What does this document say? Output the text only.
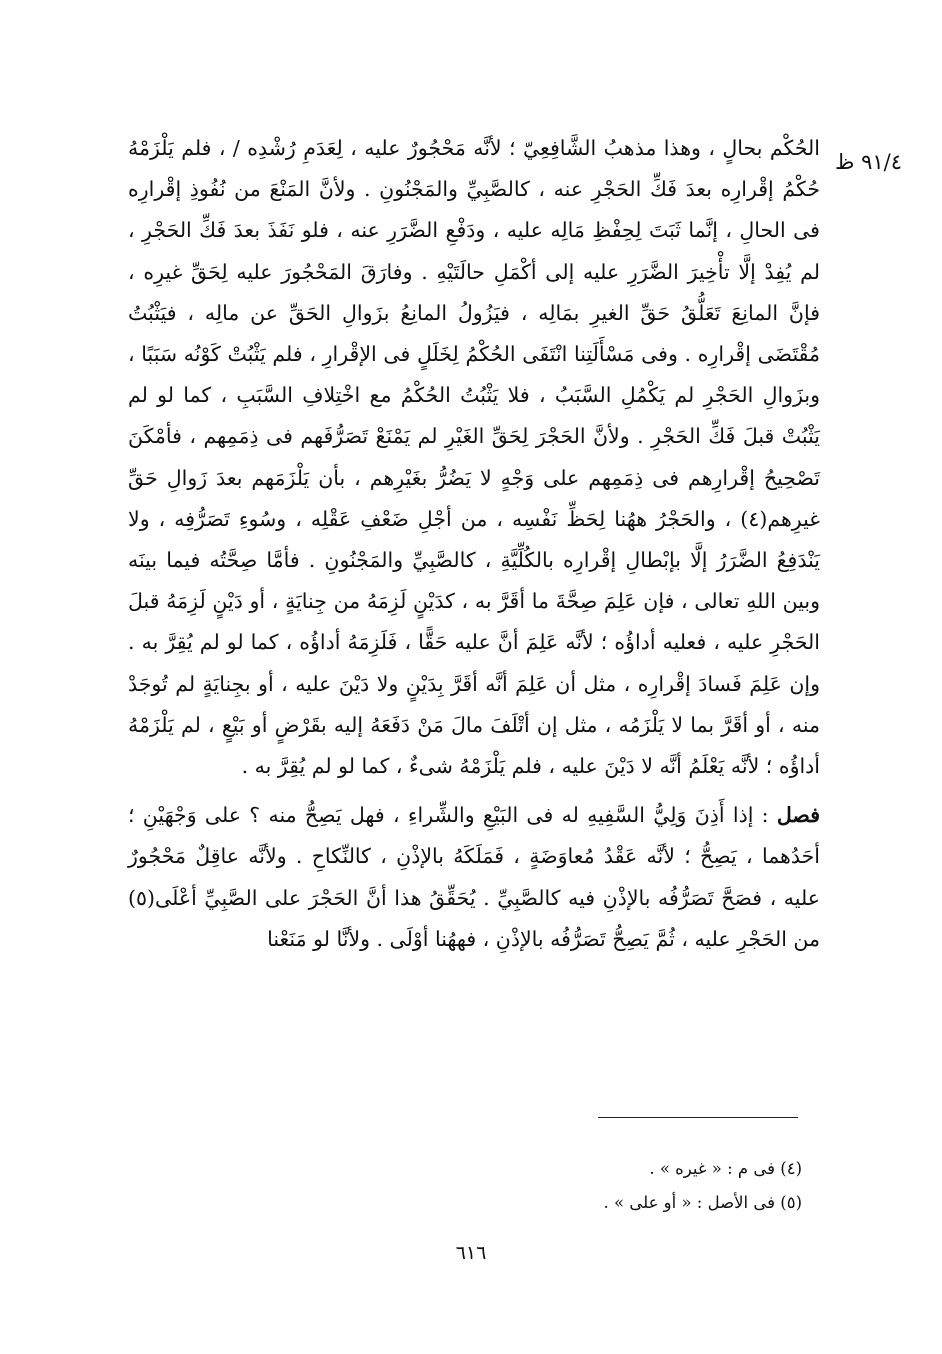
٩١/٤ ظ

الحُكْم بحالٍ ، وهذا مذهبُ الشَّافِعِيّ ؛ لأنَّه مَحْجُورٌ عليه ، لِعَدَمِ رُشْدِه / ، فلم يَلْزَمْهُ حُكْمُ إقْرارِه بعدَ فَكِّ الحَجْرِ عنه ، كالصَّبِيِّ والمَجْنُونِ . ولأنَّ المَنْعَ من نُفُوذِ إقْرارِه فى الحالِ ، إنَّما ثَبَتَ لِحِفْظِ مَالِه عليه ، ودَفْعِ الضَّرَرِ عنه ، فلو نَفَذَ بعدَ فَكِّ الحَجْرِ ، لم يُفِدْ إلَّا تأْخِيرَ الضَّرَرِ عليه إلى أكْمَلِ حالَتَيْهِ . وفارَقَ المَحْجُورَ عليه لِحَقِّ غيرِه ، فإنَّ المانِعَ تَعَلُّقُ حَقِّ الغيرِ بمَالِه ، فيَزُولُ المانِعُ بزَوالِ الحَقِّ عن مالِه ، فيَثْبُتُ مُقْتَضَى إقْرارِه . وفى مَسْأَلَتِنا انْتَفَى الحُكْمُ لِخَلَلٍ فى الإقْرارِ ، فلم يَثْبُتْ كَوْنُه سَبَبًا ، وبزَوالِ الحَجْرِ لم يَكْمُلِ السَّبَبُ ، فلا يَثْبُتُ الحُكْمُ مع اخْتِلافِ السَّبَبِ ، كما لو لم يَثْبُتْ قبلَ فَكِّ الحَجْرِ . ولأنَّ الحَجْرَ لِحَقِّ الغَيْرِ لم يَمْنَعْ تَصَرُّفَهم فى ذِمَمِهم ، فأمْكَنَ تَصْحِيحُ إقْرارِهم فى ذِمَمِهم على وَجْهٍ لا يَضُرُّ بغَيْرِهم ، بأن يَلْزَمَهم بعدَ زَوالِ حَقِّ غيرِهم(٤) ، والحَجْرُ ههُنا لِحَظِّ نَفْسِه ، من أجْلِ ضَعْفِ عَقْلِه ، وسُوءِ تَصَرُّفِه ، ولا يَنْدَفِعُ الضَّرَرُ إلَّا بإبْطالِ إقْرارِه بالكُلِّيَّةِ ، كالصَّبِيِّ والمَجْنُونِ . فأمَّا صِحَّتُه فيما بينَه وبين اللهِ تعالى ، فإن عَلِمَ صِحَّةَ ما أقَرَّ به ، كدَيْنٍ لَزِمَهُ من جِنايَةٍ ، أو دَيْنٍ لَزِمَهُ قبلَ الحَجْرِ عليه ، فعليه أداؤُه ؛ لأنَّه عَلِمَ أنَّ عليه حَقًّا ، فَلَزِمَهُ أداؤُه ، كما لو لم يُقِرَّ به . وإن عَلِمَ فَسادَ إقْرارِه ، مثل أن عَلِمَ أنَّه أقَرَّ بِدَيْنٍ ولا دَيْنَ عليه ، أو بجِنايَةٍ لم تُوجَدْ منه ، أو أقَرَّ بما لا يَلْزَمُه ، مثل إن أتْلَفَ مالَ مَنْ دَفَعَهُ إليه بقَرْضٍ أو بَيْعٍ ، لم يَلْزَمْهُ أداؤُه ؛ لأنَّه يَعْلَمُ أنَّه لا دَيْنَ عليه ، فلم يَلْزَمْهُ شىءٌ ، كما لو لم يُقِرَّ به .

فصل : إذا أَذِنَ وَلِيُّ السَّفِيهِ له فى البَيْعِ والشِّراءِ ، فهل يَصِحُّ منه ؟ على وَجْهَيْنِ ؛ أحَدُهما ، يَصِحُّ ؛ لأنَّه عَقْدُ مُعاوَضَةٍ ، فَمَلَكَهُ بالإذْنِ ، كالنِّكاحِ . ولأنَّه عاقِلٌ مَحْجُورٌ عليه ، فصَحَّ تَصَرُّفُه بالإذْنِ فيه كالصَّبِيِّ . يُحَقِّقُ هذا أنَّ الحَجْرَ على الصَّبِيِّ أعْلَى(٥) من الحَجْرِ عليه ، ثُمَّ يَصِحُّ تَصَرُّفُه بالإذْنِ ، فههُنا أوْلَى . ولأنَّا لو مَنَعْنا

(٤) فى م : « غيره » .

(٥) فى الأصل : « أو على » .

٦١٦
